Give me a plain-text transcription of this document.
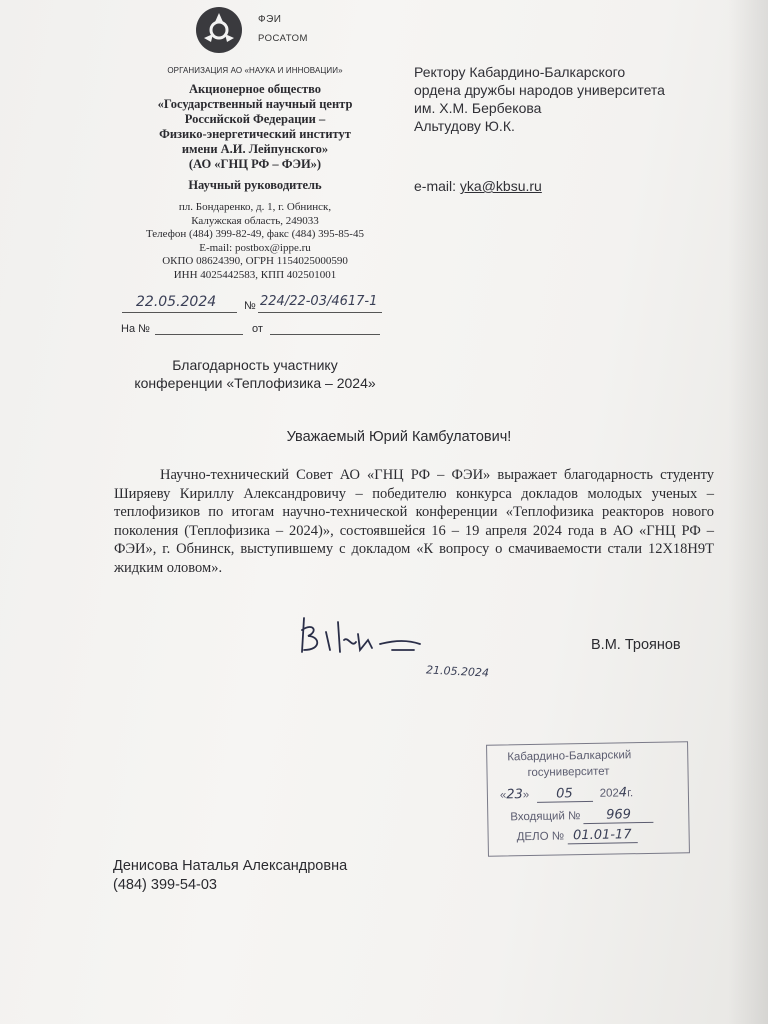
ФЭИ
РОСАТОМ
ОРГАНИЗАЦИЯ АО «НАУКА И ИННОВАЦИИ»
Акционерное общество
«Государственный научный центр
Российской Федерации –
Физико-энергетический институт
имени А.И. Лейпунского»
(АО «ГНЦ РФ – ФЭИ»)
Научный руководитель
пл. Бондаренко, д. 1, г. Обнинск,
Калужская область, 249033
Телефон (484) 399-82-49, факс (484) 395-85-45
E-mail: postbox@ippe.ru
ОКПО 08624390, ОГРН 1154025000590
ИНН 4025442583, КПП 402501001
22.05.2024	№ 224/22-03/4617-1
На №	от
Ректору Кабардино-Балкарского
ордена дружбы народов университета
им. Х.М. Бербекова
Альтудову Ю.К.
e-mail: yka@kbsu.ru
Благодарность участнику
конференции «Теплофизика – 2024»
Уважаемый Юрий Камбулатович!

Научно-технический Совет АО «ГНЦ РФ – ФЭИ» выражает благодарность студенту Ширяеву Кириллу Александровичу – победителю конкурса докладов молодых ученых – теплофизиков по итогам научно-технической конференции «Теплофизика реакторов нового поколения (Теплофизика – 2024)», состоявшейся 16 – 19 апреля 2024 года в АО «ГНЦ РФ – ФЭИ», г. Обнинск, выступившему с докладом «К вопросу о смачиваемости стали 12Х18Н9Т жидким оловом».

21.05.2024
В.М. Троянов
Кабардино-Балкарский
госуниверситет
«23» 05 2024г.
Входящий № 969
ДЕЛО № 01.01-17
Денисова Наталья Александровна
(484) 399-54-03
